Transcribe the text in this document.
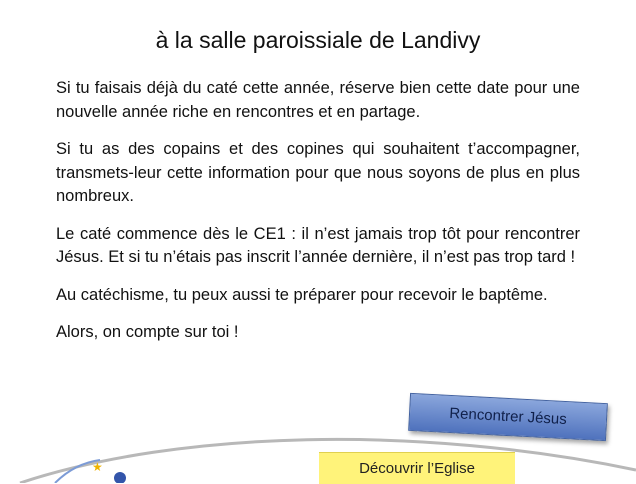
à la salle paroissiale de Landivy

Si tu faisais déjà du caté cette année, réserve bien cette date pour une nouvelle année riche en rencontres et en partage.

Si tu as des copains et des copines qui souhaitent t’accompagner, transmets-leur cette information pour que nous soyons de plus en plus nombreux.

Le caté commence dès le CE1 : il n’est jamais trop tôt pour rencontrer Jésus. Et si tu n’étais pas inscrit l’année dernière, il n’est pas trop tard !

Au catéchisme, tu peux aussi te préparer pour recevoir le baptême.

Alors, on compte sur toi !

★
Rencontrer Jésus
Découvrir l’Eglise
